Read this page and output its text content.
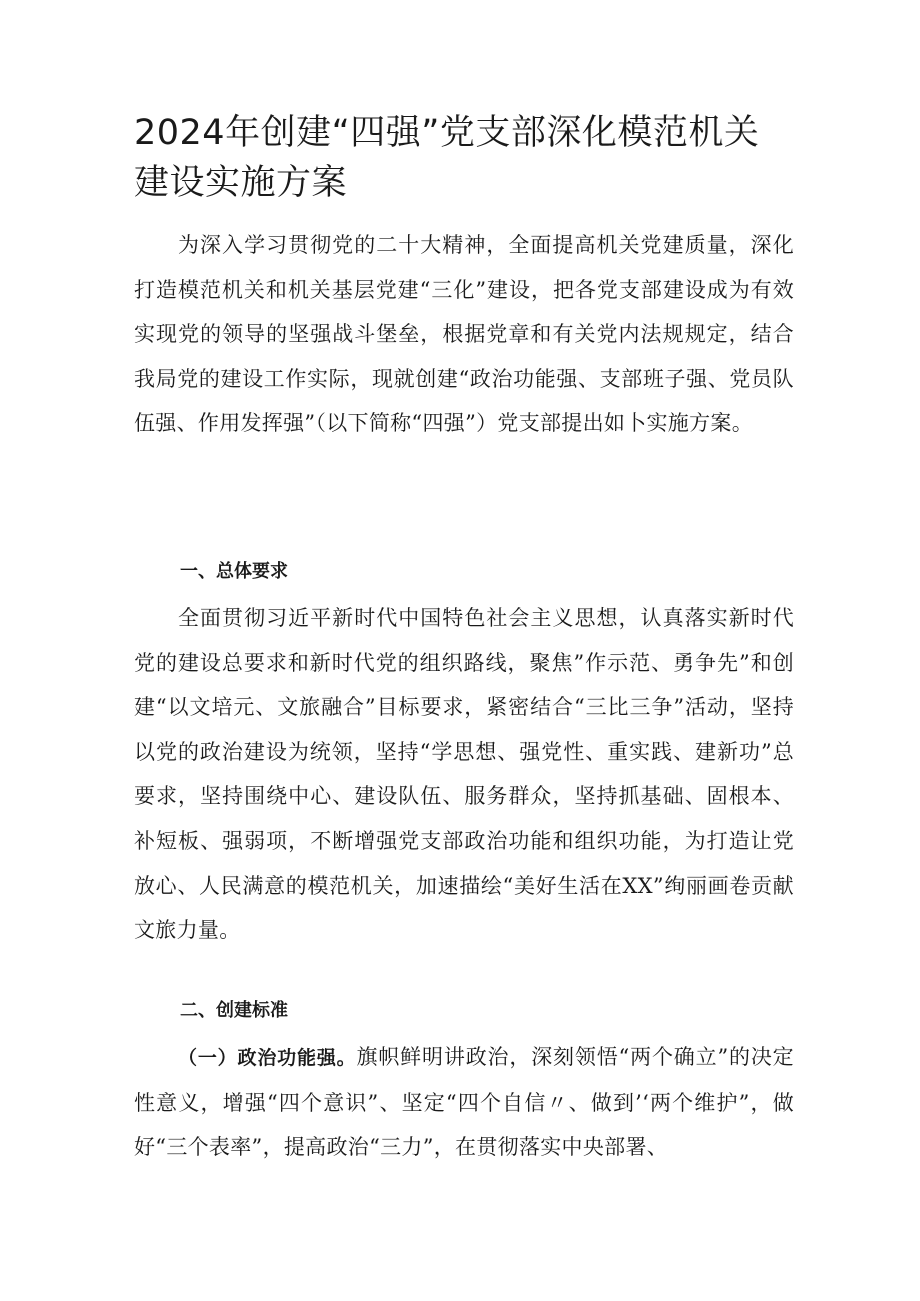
2024年创建“四强”党支部深化模范机关建设实施方案

为深入学习贯彻党的二十大精神，全面提高机关党建质量，深化打造模范机关和机关基层党建“三化”建设，把各党支部建设成为有效实现党的领导的坚强战斗堡垒，根据党章和有关党内法规规定，结合我局党的建设工作实际，现就创建“政治功能强、支部班子强、党员队伍强、作用发挥强”（以下简称“四强”）党支部提出如卜实施方案。

一、总体要求

全面贯彻习近平新时代中国特色社会主义思想，认真落实新时代党的建设总要求和新时代党的组织路线，聚焦”作示范、勇争先”和创建“以文培元、文旅融合”目标要求，紧密结合“三比三争”活动，坚持以党的政治建设为统领，坚持“学思想、强党性、重实践、建新功”总要求，坚持围绕中心、建设队伍、服务群众，坚持抓基础、固根本、补短板、强弱项，不断增强党支部政治功能和组织功能，为打造让党放心、人民满意的模范机关，加速描绘“美好生活在XX”绚丽画卷贡献文旅力量。

二、创建标准

（一）政治功能强。旗帜鲜明讲政治，深刻领悟“两个确立”的决定性意义，增强“四个意识”、坚定“四个自信〃、做到’‘两个维护”，做好“三个表率”，提高政治“三力”，在贯彻落实中央部署、
